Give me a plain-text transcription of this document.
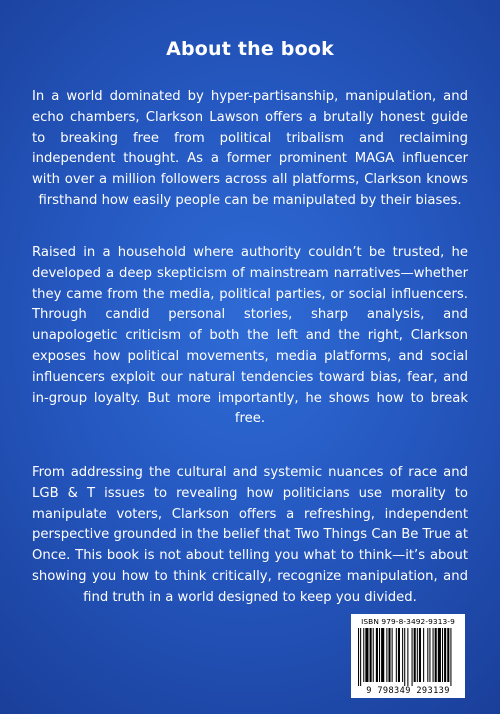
About the book

In a world dominated by hyper-partisanship, manipulation, and echo chambers, Clarkson Lawson offers a brutally honest guide to breaking free from political tribalism and reclaiming independent thought. As a former prominent MAGA influencer with over a million followers across all platforms, Clarkson knows firsthand how easily people can be manipulated by their biases.

Raised in a household where authority couldn’t be trusted, he developed a deep skepticism of mainstream narratives—whether they came from the media, political parties, or social influencers. Through candid personal stories, sharp analysis, and unapologetic criticism of both the left and the right, Clarkson exposes how political movements, media platforms, and social influencers exploit our natural tendencies toward bias, fear, and in-group loyalty. But more importantly, he shows how to break free.

From addressing the cultural and systemic nuances of race and LGB & T issues to revealing how politicians use morality to manipulate voters, Clarkson offers a refreshing, independent perspective grounded in the belief that Two Things Can Be True at Once. This book is not about telling you what to think—it’s about showing you how to think critically, recognize manipulation, and find truth in a world designed to keep you divided.

ISBN 979-8-3492-9313-9
9 798349 293139
